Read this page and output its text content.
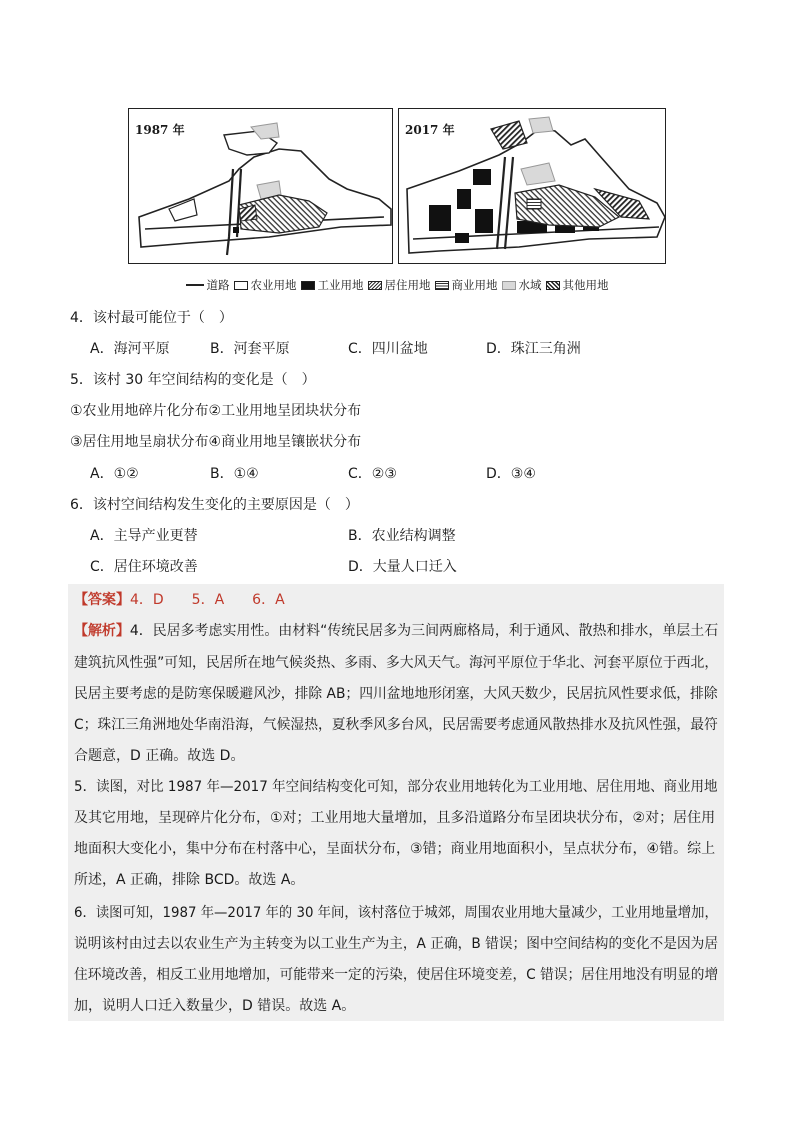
1987 年	2017 年
道路 农业用地 工业用地 居住用地 商业用地 水域 其他用地
4．该村最可能位于（　）
A．海河平原	B．河套平原	C．四川盆地	D．珠江三角洲
5．该村 30 年空间结构的变化是（　）
①农业用地碎片化分布②工业用地呈团块状分布
③居住用地呈扇状分布④商业用地呈镶嵌状分布
A．①②	B．①④	C．②③	D．③④
6．该村空间结构发生变化的主要原因是（　）
A．主导产业更替	B．农业结构调整
C．居住环境改善	D．大量人口迁入
【答案】4．D　　5．A　　6．A
【解析】4．民居多考虑实用性。由材料“传统民居多为三间两廊格局，利于通风、散热和排水，单层土石
建筑抗风性强”可知，民居所在地气候炎热、多雨、多大风天气。海河平原位于华北、河套平原位于西北，
民居主要考虑的是防寒保暖避风沙，排除 AB；四川盆地地形闭塞，大风天数少，民居抗风性要求低，排除
C；珠江三角洲地处华南沿海，气候湿热，夏秋季风多台风，民居需要考虑通风散热排水及抗风性强，最符
合题意，D 正确。故选 D。
5．读图，对比 1987 年—2017 年空间结构变化可知，部分农业用地转化为工业用地、居住用地、商业用地
及其它用地，呈现碎片化分布，①对；工业用地大量增加，且多沿道路分布呈团块状分布，②对；居住用
地面积大变化小，集中分布在村落中心，呈面状分布，③错；商业用地面积小，呈点状分布，④错。综上
所述，A 正确，排除 BCD。故选 A。
6．读图可知，1987 年—2017 年的 30 年间，该村落位于城郊，周围农业用地大量减少，工业用地量增加，
说明该村由过去以农业生产为主转变为以工业生产为主，A 正确，B 错误；图中空间结构的变化不是因为居
住环境改善，相反工业用地增加，可能带来一定的污染，使居住环境变差，C 错误；居住用地没有明显的增
加，说明人口迁入数量少，D 错误。故选 A。
